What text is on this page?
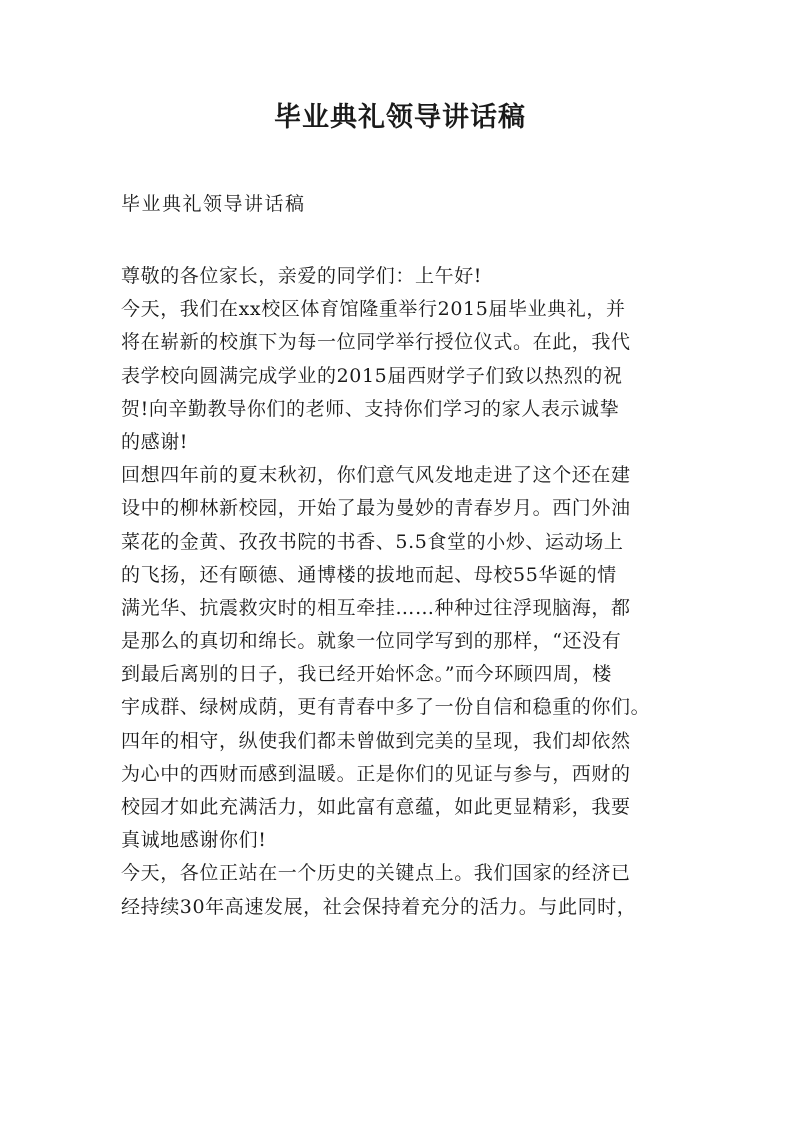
毕业典礼领导讲话稿

毕业典礼领导讲话稿

尊敬的各位家长，亲爱的同学们：上午好!
今天，我们在xx校区体育馆隆重举行2015届毕业典礼，并
将在崭新的校旗下为每一位同学举行授位仪式。在此，我代
表学校向圆满完成学业的2015届西财学子们致以热烈的祝
贺!向辛勤教导你们的老师、支持你们学习的家人表示诚挚
的感谢!
回想四年前的夏末秋初，你们意气风发地走进了这个还在建
设中的柳林新校园，开始了最为曼妙的青春岁月。西门外油
菜花的金黄、孜孜书院的书香、5.5食堂的小炒、运动场上
的飞扬，还有颐德、通博楼的拔地而起、母校55华诞的情
满光华、抗震救灾时的相互牵挂……种种过往浮现脑海，都
是那么的真切和绵长。就象一位同学写到的那样，“还没有
到最后离别的日子，我已经开始怀念。”而今环顾四周，楼
宇成群、绿树成荫，更有青春中多了一份自信和稳重的你们。
四年的相守，纵使我们都未曾做到完美的呈现，我们却依然
为心中的西财而感到温暖。正是你们的见证与参与，西财的
校园才如此充满活力，如此富有意蕴，如此更显精彩，我要
真诚地感谢你们!
今天，各位正站在一个历史的关键点上。我们国家的经济已
经持续30年高速发展，社会保持着充分的活力。与此同时，
